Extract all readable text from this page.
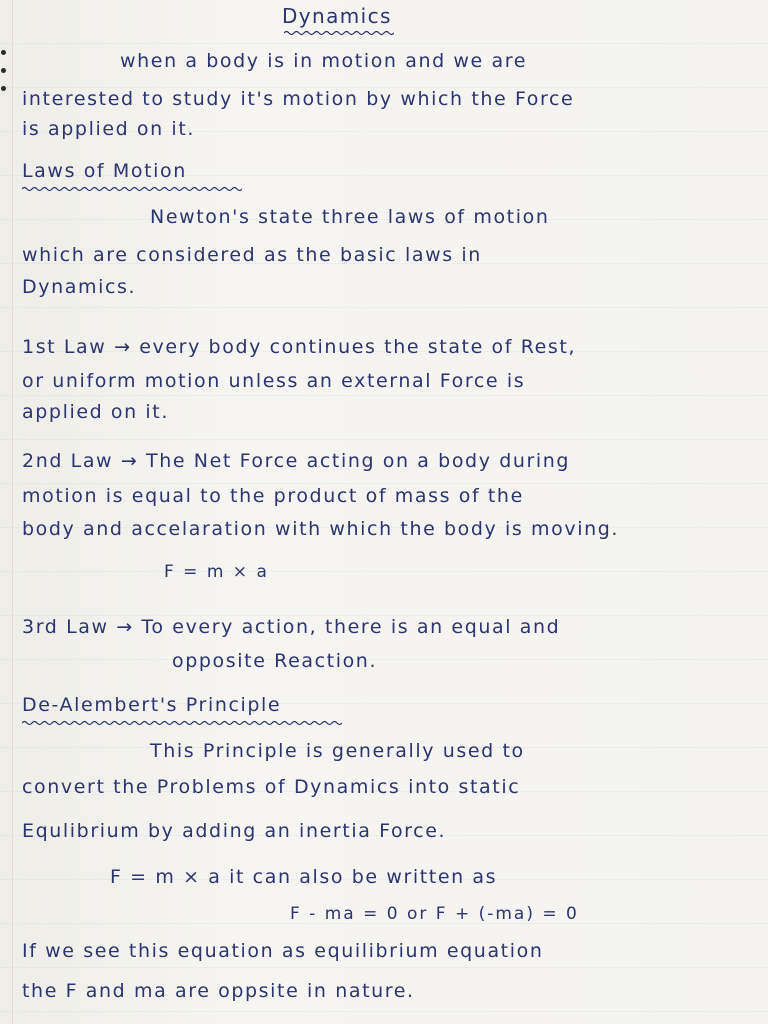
Dynamics
when a body is in motion and we are
interested to study it's motion by which the Force
is applied on it.
Laws of Motion
Newton's state three laws of motion
which are considered as the basic laws in
Dynamics.
1st Law → every body continues the state of Rest,
or uniform motion unless an external Force is
applied on it.
2nd Law → The Net Force acting on a body during
motion is equal to the product of mass of the
body and accelaration with which the body is moving.
F = m × a
3rd Law → To every action, there is an equal and
opposite Reaction.
De-Alembert's Principle
This Principle is generally used to
convert the Problems of Dynamics into static
Equlibrium by adding an inertia Force.
F = m × a it can also be written as
F - ma = 0 or F + (-ma) = 0
If we see this equation as equilibrium equation
the F and ma are oppsite in nature.
